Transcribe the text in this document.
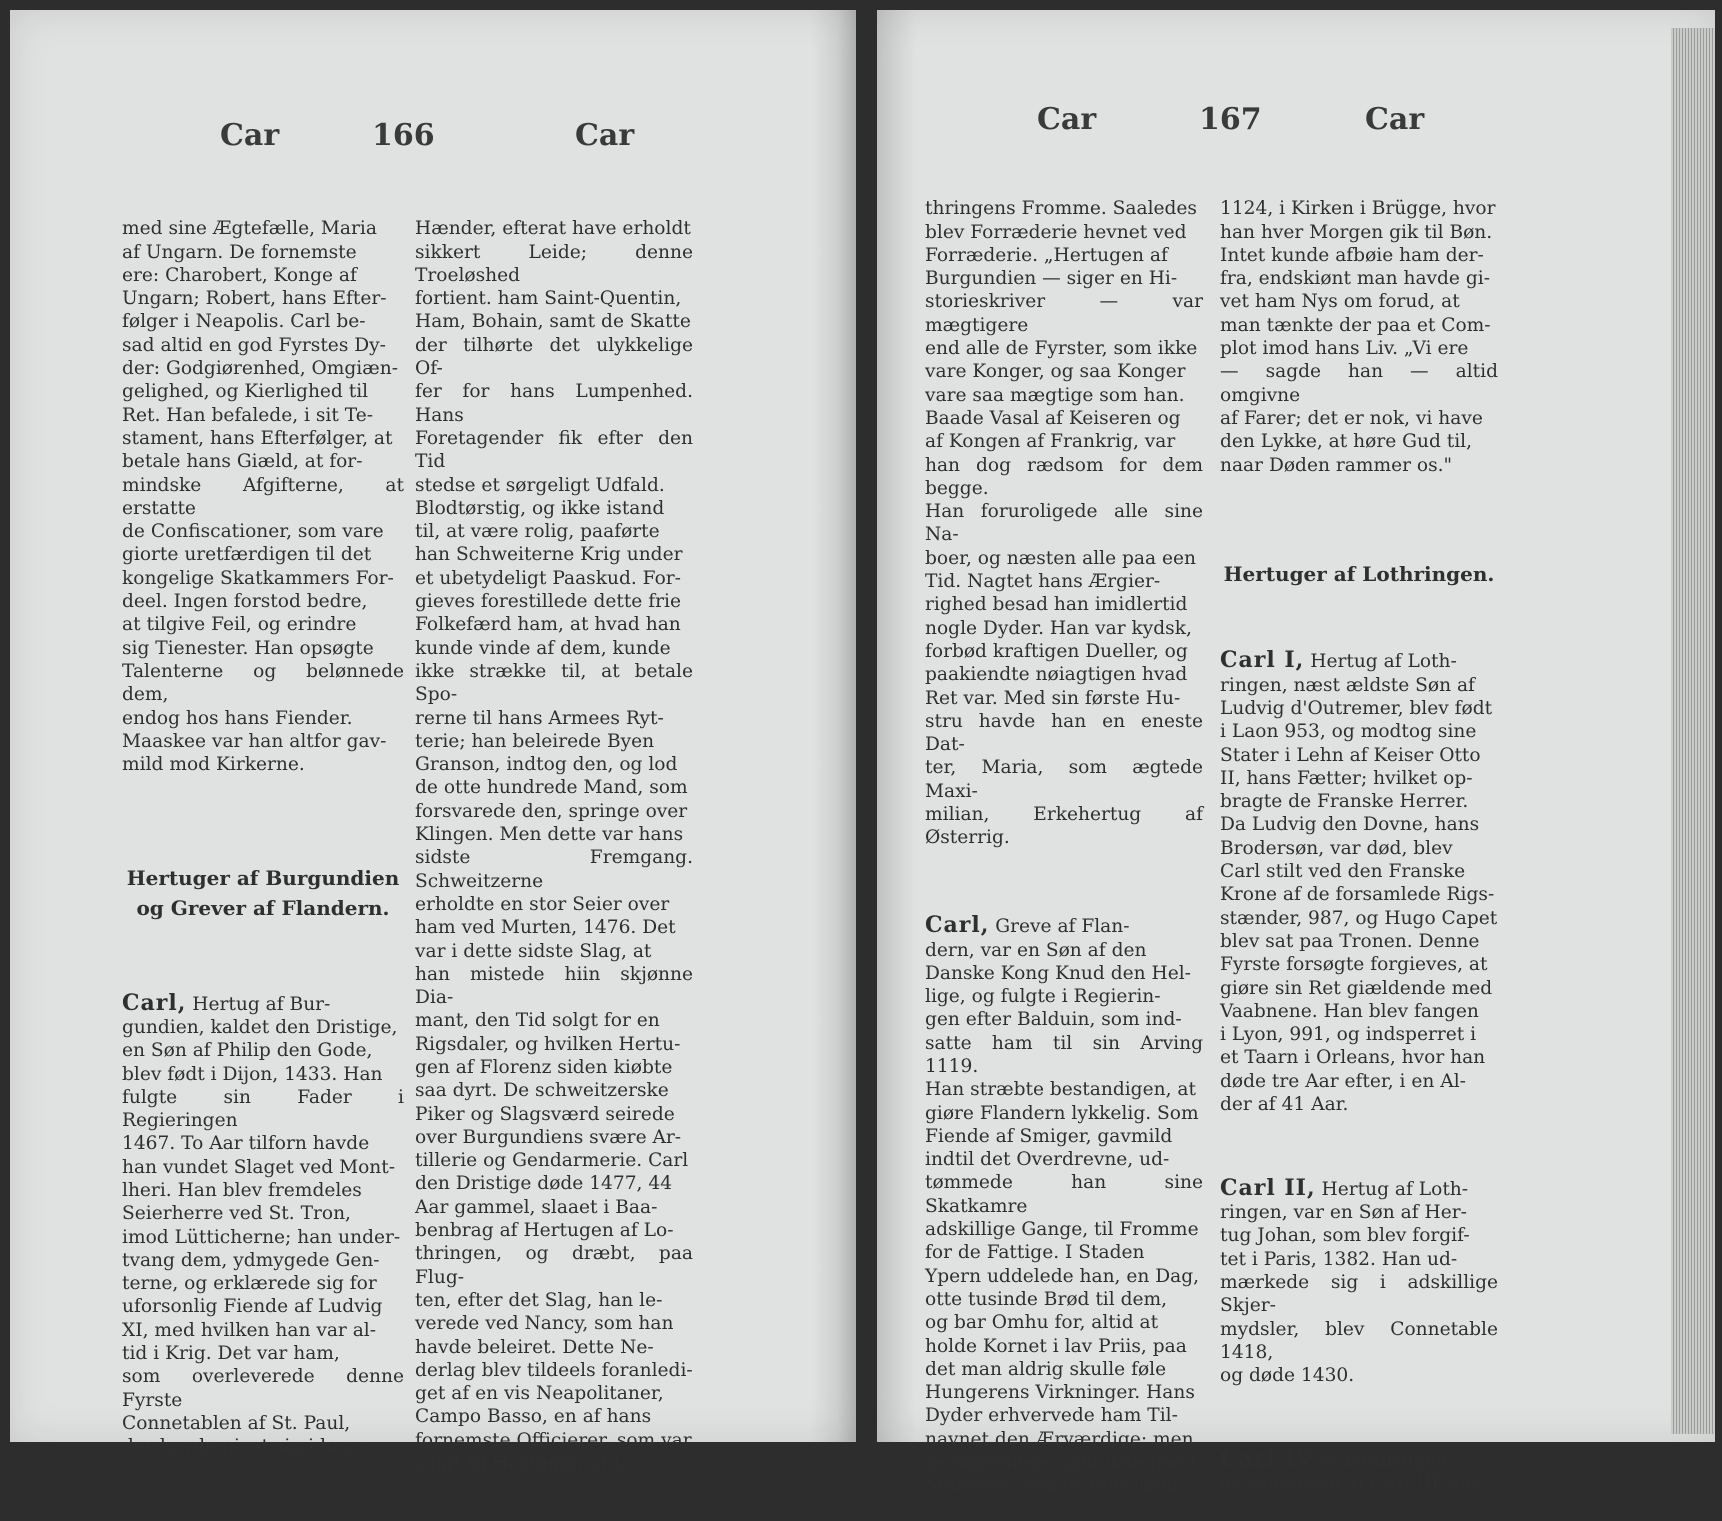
Car	166	Car

med sine Ægtefælle, Maria
af Ungarn. De fornemste
ere: Charobert, Konge af
Ungarn; Robert, hans Efter-
følger i Neapolis. Carl be-
sad altid en god Fyrstes Dy-
der: Godgiørenhed, Omgiæn-
gelighed, og Kierlighed til
Ret. Han befalede, i sit Te-
stament, hans Efterfølger, at
betale hans Giæld, at for-
mindske Afgifterne, at erstatte
de Confiscationer, som vare
giorte uretfærdigen til det
kongelige Skatkammers For-
deel. Ingen forstod bedre,
at tilgive Feil, og erindre
sig Tienester. Han opsøgte
Talenterne og belønnede dem,
endog hos hans Fiender.
Maaskee var han altfor gav-
mild mod Kirkerne.

Hertuger af Burgundien
og Grever af Flandern.

Carl, Hertug af Bur-
gundien, kaldet den Dristige,
en Søn af Philip den Gode,
blev født i Dijon, 1433. Han
fulgte sin Fader i Regieringen
1467. To Aar tilforn havde
han vundet Slaget ved Mont-
lheri. Han blev fremdeles
Seierherre ved St. Tron,
imod Lütticherne; han under-
tvang dem, ydmygede Gen-
terne, og erklærede sig for
uforsonlig Fiende af Ludvig
XI, med hvilken han var al-
tid i Krig. Det var ham,
som overleverede denne Fyrste
Connetablen af St. Paul,
der havde givet sig i hans

Hænder, efterat have erholdt
sikkert Leide; denne Troeløshed
fortient. ham Saint-Quentin,
Ham, Bohain, samt de Skatte
der tilhørte det ulykkelige Of-
fer for hans Lumpenhed. Hans
Foretagender fik efter den Tid
stedse et sørgeligt Udfald.
Blodtørstig, og ikke istand
til, at være rolig, paaførte
han Schweiterne Krig under
et ubetydeligt Paaskud. For-
gieves forestillede dette frie
Folkefærd ham, at hvad han
kunde vinde af dem, kunde
ikke strække til, at betale Spo-
rerne til hans Armees Ryt-
terie; han beleirede Byen
Granson, indtog den, og lod
de otte hundrede Mand, som
forsvarede den, springe over
Klingen. Men dette var hans
sidste Fremgang. Schweitzerne
erholdte en stor Seier over
ham ved Murten, 1476. Det
var i dette sidste Slag, at
han mistede hiin skjønne Dia-
mant, den Tid solgt for en
Rigsdaler, og hvilken Hertu-
gen af Florenz siden kiøbte
saa dyrt. De schweitzerske
Piker og Slagsværd seirede
over Burgundiens svære Ar-
tillerie og Gendarmerie. Carl
den Dristige døde 1477, 44
Aar gammel, slaaet i Baa-
benbrag af Hertugen af Lo-
thringen, og dræbt, paa Flug-
ten, efter det Slag, han le-
verede ved Nancy, som han
havde beleiret. Dette Ne-
derlag blev tildeels foranledi-
get af en vis Neapolitaner,
Campo Basso, en af hans
fornemste Officierer, som var
solgt til Hertugen af Lo-

Car	167	Car

thringens Fromme. Saaledes
blev Forræderie hevnet ved
Forræderie. „Hertugen af
Burgundien — siger en Hi-
storieskriver — var mægtigere
end alle de Fyrster, som ikke
vare Konger, og saa Konger
vare saa mægtige som han.
Baade Vasal af Keiseren og
af Kongen af Frankrig, var
han dog rædsom for dem begge.
Han foruroligede alle sine Na-
boer, og næsten alle paa een
Tid. Nagtet hans Ærgier-
righed besad han imidlertid
nogle Dyder. Han var kydsk,
forbød kraftigen Dueller, og
paakiendte nøiagtigen hvad
Ret var. Med sin første Hu-
stru havde han en eneste Dat-
ter, Maria, som ægtede Maxi-
milian, Erkehertug af Østerrig.

Carl, Greve af Flan-
dern, var en Søn af den
Danske Kong Knud den Hel-
lige, og fulgte i Regierin-
gen efter Balduin, som ind-
satte ham til sin Arving 1119.
Han stræbte bestandigen, at
giøre Flandern lykkelig. Som
Fiende af Smiger, gavmild
indtil det Overdrevne, ud-
tømmede han sine Skatkamre
adskillige Gange, til Fromme
for de Fattige. I Staden
Ypern uddelede han, en Dag,
otte tusinde Brød til dem,
og bar Omhu for, altid at
holde Kornet i lav Priis, paa
det man aldrig skulle føle
Hungerens Virkninger. Hans
Dyder erhvervede ham Til-
navnet den Ærværdige; men
de skjermede ham ikke imod
Mordere, som dræbte ham,

1124, i Kirken i Brügge, hvor
han hver Morgen gik til Bøn.
Intet kunde afbøie ham der-
fra, endskiønt man havde gi-
vet ham Nys om forud, at
man tænkte der paa et Com-
plot imod hans Liv. „Vi ere
— sagde han — altid omgivne
af Farer; det er nok, vi have
den Lykke, at høre Gud til,
naar Døden rammer os."

Hertuger af Lothringen.

Carl I, Hertug af Loth-
ringen, næst ældste Søn af
Ludvig d'Outremer, blev født
i Laon 953, og modtog sine
Stater i Lehn af Keiser Otto
II, hans Fætter; hvilket op-
bragte de Franske Herrer.
Da Ludvig den Dovne, hans
Brodersøn, var død, blev
Carl stilt ved den Franske
Krone af de forsamlede Rigs-
stænder, 987, og Hugo Capet
blev sat paa Tronen. Denne
Fyrste forsøgte forgieves, at
giøre sin Ret giældende med
Vaabnene. Han blev fangen
i Lyon, 991, og indsperret i
et Taarn i Orleans, hvor han
døde tre Aar efter, i en Al-
der af 41 Aar.

Carl II, Hertug af Loth-
ringen, var en Søn af Her-
tug Johan, som blev forgif-
tet i Paris, 1382. Han ud-
mærkede sig i adskillige Skjer-
mydsler, blev Connetable 1418,
og døde 1430.

Carl IV af Lothringen,
en Sønnesøn af Carl III, var
